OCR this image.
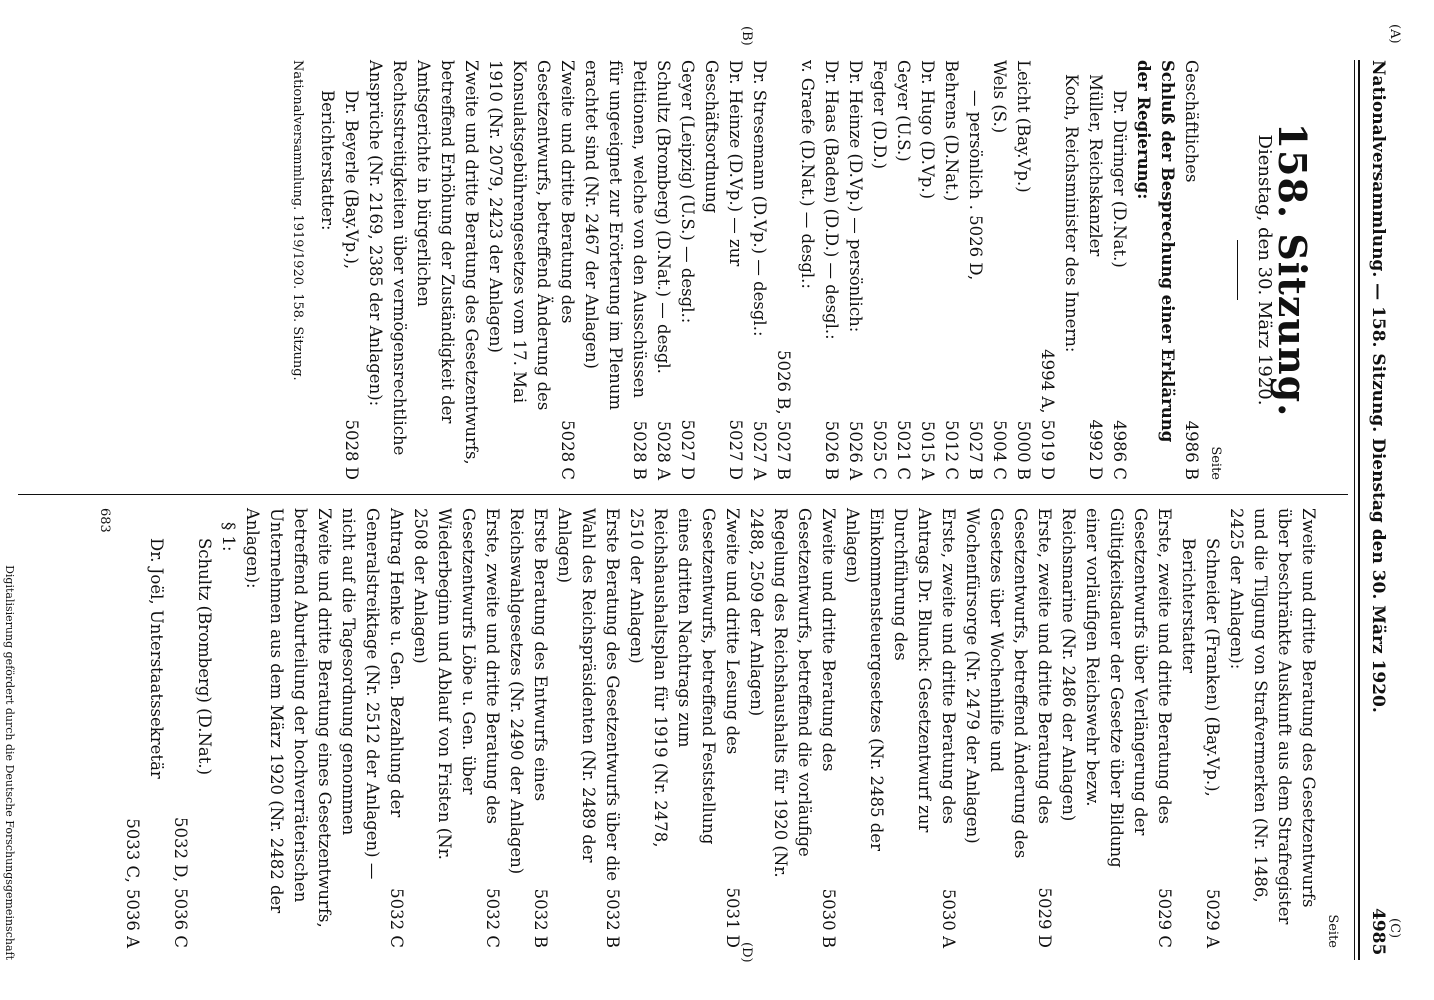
(A)
(C)
Nationalversammlung. — 158. Sitzung. Dienstag den 30. März 1920.
4985
(B)
(D)
158. Sitzung.
Dienstag, den 30. März 1920.
Seite
Geschäftliches
4986 B
Schluß der Besprechung einer Erklärung der Regierung:
Dr. Düringer (D.Nat.)
4986 C
Müller, Reichskanzler
4992 D
Koch, Reichsminister des Innern:
4994 A,
5019 D
Leicht (Bay.Vp.)
5000 B
Wels (S.)
5004 C
— persönlich . 5026 D,
5027 B
Behrens (D.Nat.)
5012 C
Dr. Hugo (D.Vp.)
5015 A
Geyer (U.S.)
5021 C
Fegter (D.D.)
5025 C
Dr. Heinze (D.Vp.) — persönlich:
5026 A
Dr. Haas (Baden) (D.D.) — desgl.:
5026 B
v. Graefe (D.Nat.) — desgl.:
5026 B,
5027 B
Dr. Stresemann (D.Vp.) — desgl.:
5027 A
Dr. Heinze (D.Vp.) — zur Geschäftsordnung
5027 D
Geyer (Leipzig) (U.S.) — desgl.:
5027 D
Schultz (Bromberg) (D.Nat.) — desgl.
5028 A
Petitionen, welche von den Ausschüssen für ungeeignet zur Erörterung im Plenum erachtet sind (Nr. 2467 der Anlagen)
5028 B
Zweite und dritte Beratung des Gesetzentwurfs, betreffend Änderung des Konsulatsgebührengesetzes vom 17. Mai 1910 (Nr. 2079, 2423 der Anlagen)
5028 C
Zweite und dritte Beratung des Gesetzentwurfs, betreffend Erhöhung der Zuständigkeit der Amtsgerichte in bürgerlichen Rechtsstreitigkeiten über vermögensrechtliche Ansprüche (Nr. 2169, 2385 der Anlagen):
Dr. Beyerle (Bay.Vp.), Berichterstatter:
5028 D
Nationalversammlung. 1919/1920. 158. Sitzung.
Seite
Zweite und dritte Beratung des Gesetzentwurfs über beschränkte Auskunft aus dem Strafregister und die Tilgung von Strafvermerken (Nr. 1486, 2425 der Anlagen):
Schneider (Franken) (Bay.Vp.), Berichterstatter
5029 A
Erste, zweite und dritte Beratung des Gesetzentwurfs über Verlängerung der Gültigkeitsdauer der Gesetze über Bildung einer vorläufigen Reichswehr bezw. Reichsmarine (Nr. 2486 der Anlagen)
5029 C
Erste, zweite und dritte Beratung des Gesetzentwurfs, betreffend Änderung des Gesetzes über Wochenhilfe und Wochenfürsorge (Nr. 2479 der Anlagen)
5029 D
Erste, zweite und dritte Beratung des Antrags Dr. Blunck: Gesetzentwurf zur Durchführung des Einkommensteuergesetzes (Nr. 2485 der Anlagen)
5030 A
Zweite und dritte Beratung des Gesetzentwurfs, betreffend die vorläufige Regelung des Reichshaushalts für 1920 (Nr. 2488, 2509 der Anlagen)
5030 B
Zweite und dritte Lesung des Gesetzentwurfs, betreffend Feststellung eines dritten Nachtrags zum Reichshaushaltsplan für 1919 (Nr. 2478, 2510 der Anlagen)
5031 D
Erste Beratung des Gesetzentwurfs über die Wahl des Reichspräsidenten (Nr. 2489 der Anlagen)
5032 B
Erste Beratung des Entwurfs eines Reichswahlgesetzes (Nr. 2490 der Anlagen)
5032 B
Erste, zweite und dritte Beratung des Gesetzentwurfs Löbe u. Gen. über Wiederbeginn und Ablauf von Fristen (Nr. 2508 der Anlagen)
5032 C
Antrag Henke u. Gen. Bezahlung der Generalstreiktage (Nr. 2512 der Anlagen) — nicht auf die Tagesordnung genommen
5032 C
Zweite und dritte Beratung eines Gesetzentwurfs, betreffend Aburteilung der hochverräterischen Unternehmen aus dem März 1920 (Nr. 2482 der Anlagen):
§ 1:
Schultz (Bromberg) (D.Nat.)
5032 D,
5036 C
Dr. Joël, Unterstaatssekretär
5033 C,
5036 A
683
Digitalisierung gefördert durch die Deutsche Forschungsgemeinschaft
